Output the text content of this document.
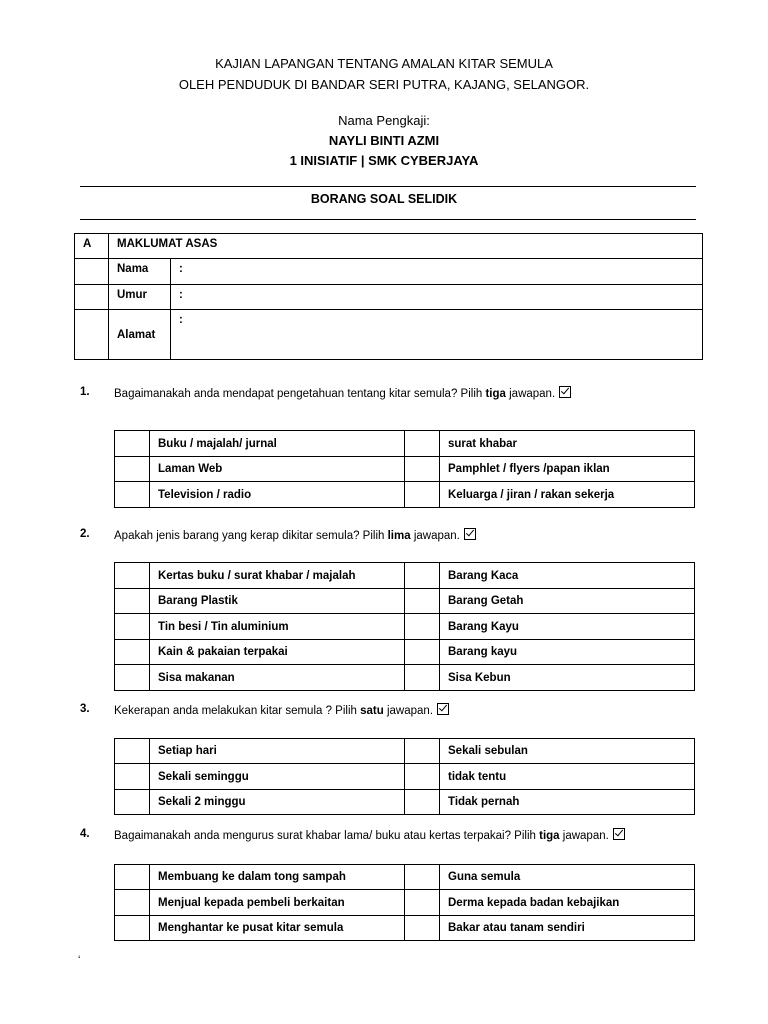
KAJIAN LAPANGAN TENTANG AMALAN KITAR SEMULA
OLEH PENDUDUK DI BANDAR SERI PUTRA, KAJANG, SELANGOR.
Nama Pengkaji:
NAYLI BINTI AZMI
1 INISIATIF | SMK CYBERJAYA
BORANG SOAL SELIDIK
A	MAKLUMAT ASAS	
	Nama	:
	Umur	:
	Alamat	:
1. Bagaimanakah anda mendapat pengetahuan tentang kitar semula? Pilih tiga jawapan.
	Buku / majalah/ jurnal		surat khabar
	Laman Web		Pamphlet / flyers /papan iklan
	Television / radio		Keluarga / jiran / rakan sekerja
2. Apakah jenis barang yang kerap dikitar semula? Pilih lima jawapan.
	Kertas buku / surat khabar / majalah		Barang Kaca
	Barang Plastik		Barang Getah
	Tin besi / Tin aluminium		Barang Kayu
	Kain & pakaian terpakai		Barang kayu
	Sisa makanan		Sisa Kebun
3. Kekerapan anda melakukan kitar semula ? Pilih satu jawapan.
	Setiap hari		Sekali sebulan
	Sekali seminggu		tidak tentu
	Sekali 2 minggu		Tidak pernah
4. Bagaimanakah anda mengurus surat khabar lama/ buku atau kertas terpakai? Pilih tiga jawapan.
	Membuang ke dalam tong sampah		Guna semula
	Menjual kepada pembeli berkaitan		Derma kepada badan kebajikan
	Menghantar ke pusat kitar semula		Bakar atau tanam sendiri
‘
